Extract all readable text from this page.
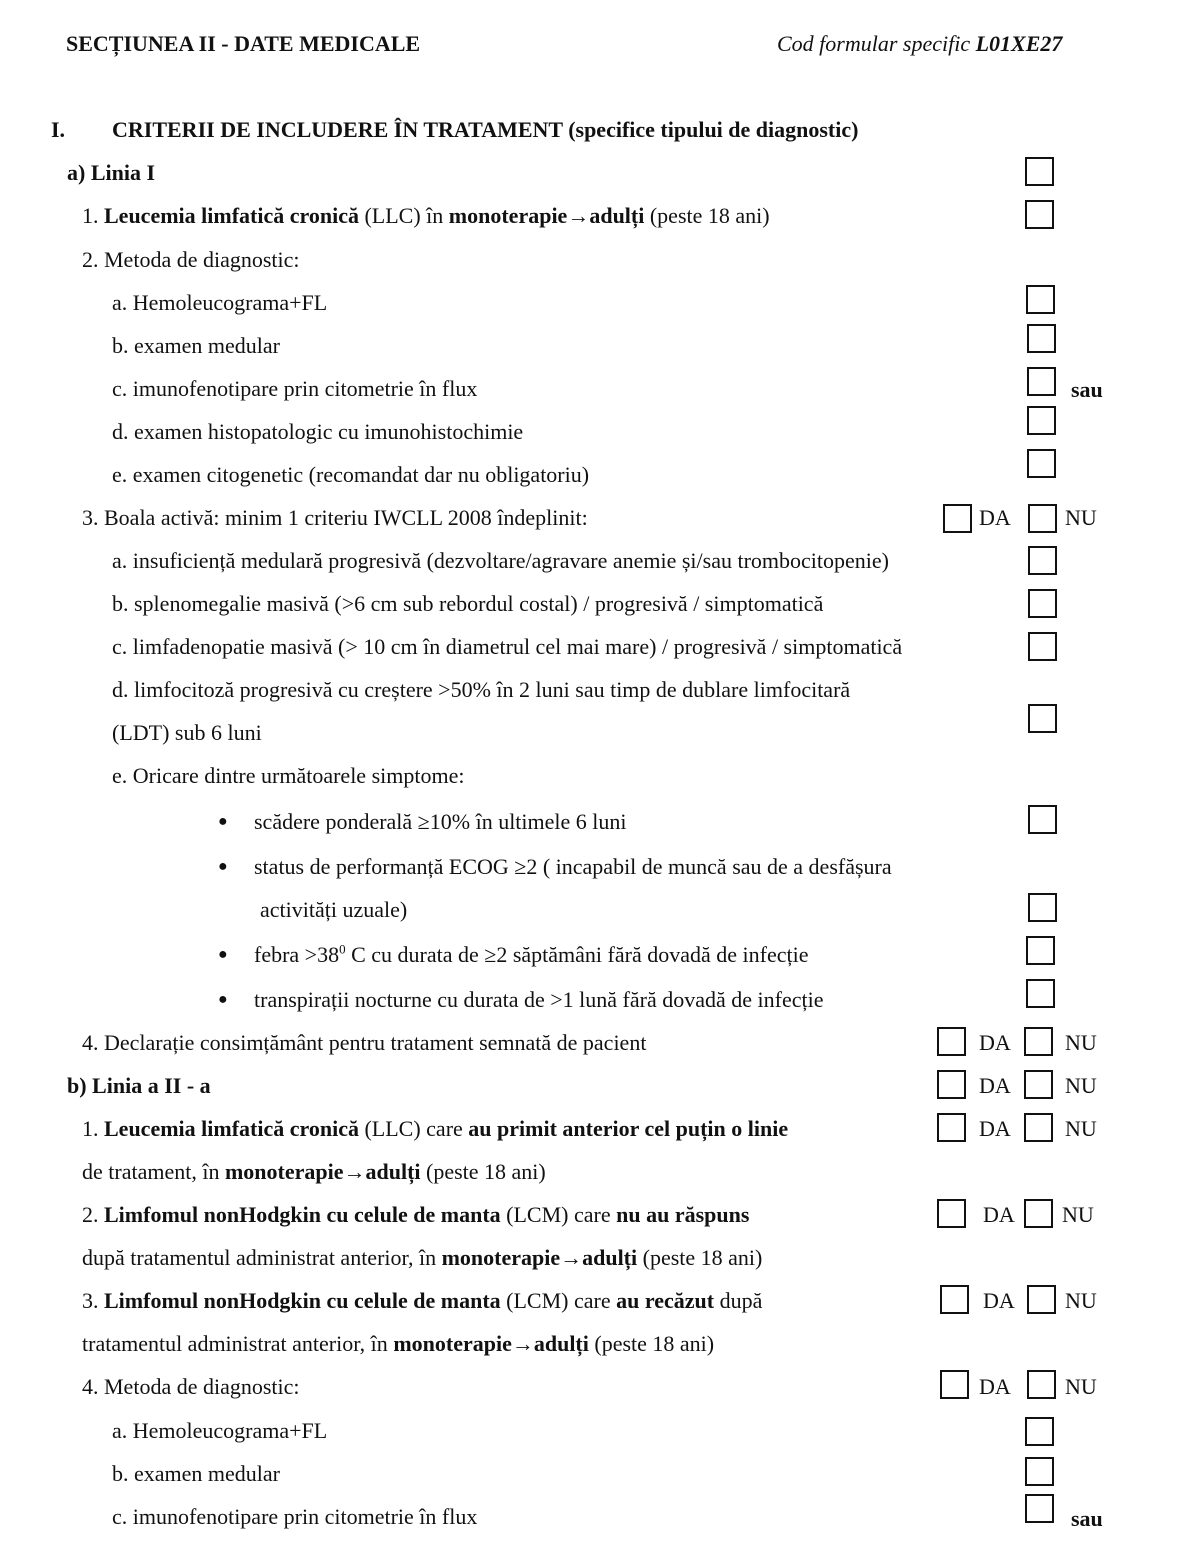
SECȚIUNEA II - DATE MEDICALE	Cod formular specific L01XE27
I. CRITERII DE INCLUDERE ÎN TRATAMENT (specifice tipului de diagnostic)
a) Linia I
1. Leucemia limfatică cronică (LLC) în monoterapie→adulți (peste 18 ani)
2. Metoda de diagnostic:
a. Hemoleucograma+FL
b. examen medular
c. imunofenotipare prin citometrie în flux	sau
d. examen histopatologic cu imunohistochimie
e. examen citogenetic (recomandat dar nu obligatoriu)
3. Boala activă: minim 1 criteriu IWCLL 2008 îndeplinit:	DA NU
a. insuficiență medulară progresivă (dezvoltare/agravare anemie și/sau trombocitopenie)
b. splenomegalie masivă (>6 cm sub rebordul costal) / progresivă / simptomatică
c. limfadenopatie masivă (> 10 cm în diametrul cel mai mare) / progresivă / simptomatică
d. limfocitoză progresivă cu creștere >50% în 2 luni sau timp de dublare limfocitară
(LDT) sub 6 luni
e. Oricare dintre următoarele simptome:
● scădere ponderală ≥10% în ultimele 6 luni
● status de performanță ECOG ≥2 ( incapabil de muncă sau de a desfășura
activități uzuale)
● febra $>38^0$ C cu durata de ≥2 săptămâni fără dovadă de infecție
● transpirații nocturne cu durata de >1 lună fără dovadă de infecție
4. Declarație consimțământ pentru tratament semnată de pacient	DA NU
b) Linia a II - a	DA NU
1. Leucemia limfatică cronică (LLC) care au primit anterior cel puțin o linie
de tratament, în monoterapie→adulți (peste 18 ani)
DA NU
2. Limfomul nonHodgkin cu celule de manta (LCM) care nu au răspuns
după tratamentul administrat anterior, în monoterapie→adulți (peste 18 ani)
DA NU
3. Limfomul nonHodgkin cu celule de manta (LCM) care au recăzut după
tratamentul administrat anterior, în monoterapie→adulți (peste 18 ani)
DA NU
4. Metoda de diagnostic:	DA NU
a. Hemoleucograma+FL
b. examen medular
c. imunofenotipare prin citometrie în flux	sau
